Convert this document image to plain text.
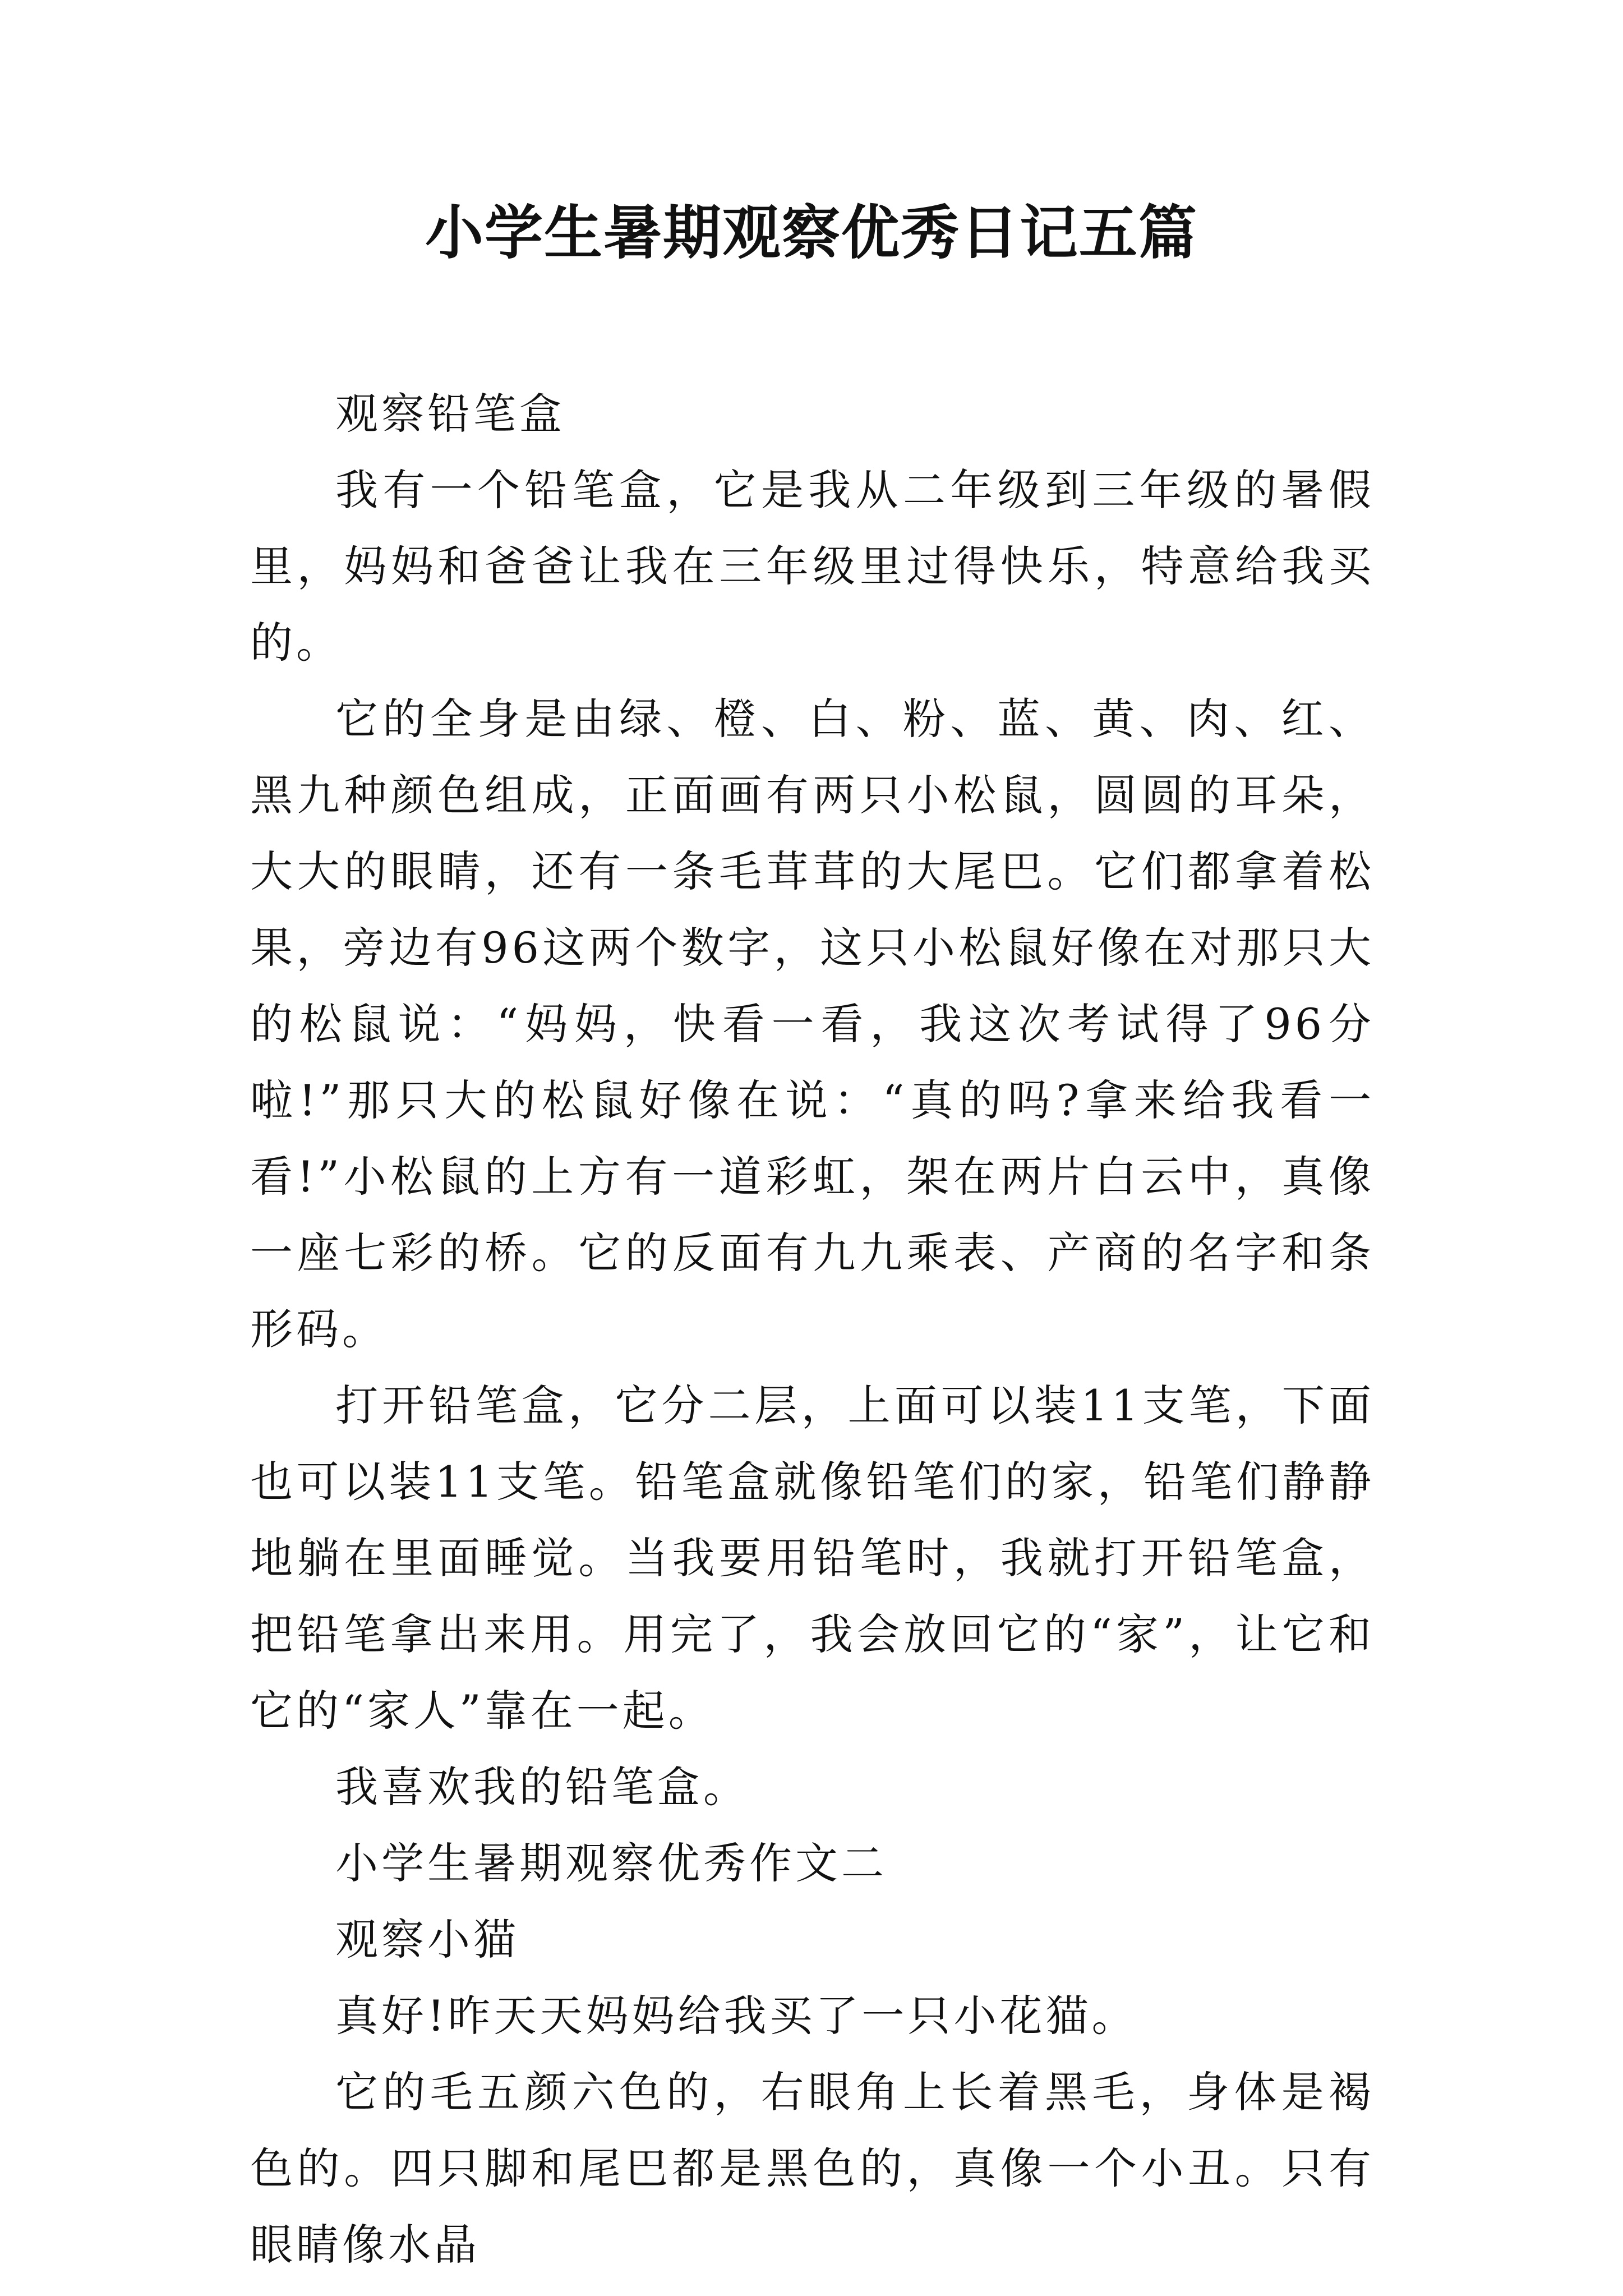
小学生暑期观察优秀日记五篇

观察铅笔盒

我有一个铅笔盒，它是我从二年级到三年级的暑假里，妈妈和爸爸让我在三年级里过得快乐，特意给我买的。

它的全身是由绿、橙、白、粉、蓝、黄、肉、红、黑九种颜色组成，正面画有两只小松鼠，圆圆的耳朵，大大的眼睛，还有一条毛茸茸的大尾巴。它们都拿着松果，旁边有96这两个数字，这只小松鼠好像在对那只大的松鼠说：“妈妈，快看一看，我这次考试得了96分啦!”那只大的松鼠好像在说：“真的吗?拿来给我看一看!”小松鼠的上方有一道彩虹，架在两片白云中，真像一座七彩的桥。它的反面有九九乘表、产商的名字和条形码。

打开铅笔盒，它分二层，上面可以装11支笔，下面也可以装11支笔。铅笔盒就像铅笔们的家，铅笔们静静地躺在里面睡觉。当我要用铅笔时，我就打开铅笔盒，把铅笔拿出来用。用完了，我会放回它的“家”，让它和它的“家人”靠在一起。

我喜欢我的铅笔盒。

小学生暑期观察优秀作文二

观察小猫

真好!昨天天妈妈给我买了一只小花猫。

它的毛五颜六色的，右眼角上长着黑毛，身体是褐色的。四只脚和尾巴都是黑色的，真像一个小丑。只有眼睛像水晶
